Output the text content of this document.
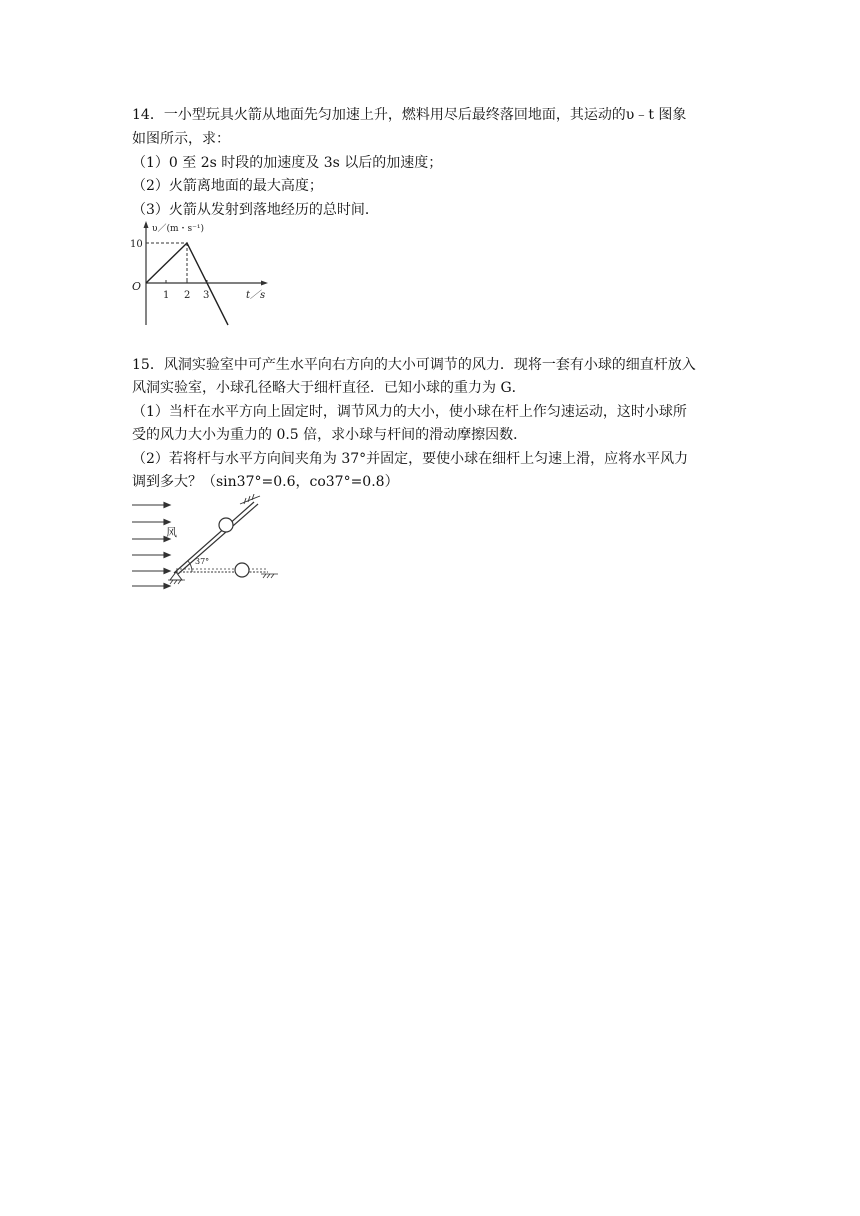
14．一小型玩具火箭从地面先匀加速上升，燃料用尽后最终落回地面，其运动的υ﹣t 图象
如图所示，求：
（1）0 至 2s 时段的加速度及 3s 以后的加速度；
（2）火箭离地面的最大高度；
（3）火箭从发射到落地经历的总时间．
υ／(m・s⁻¹)
t／s
O
10
1 2 3
15．风洞实验室中可产生水平向右方向的大小可调节的风力．现将一套有小球的细直杆放入
风洞实验室，小球孔径略大于细杆直径．已知小球的重力为 G．
（1）当杆在水平方向上固定时，调节风力的大小，使小球在杆上作匀速运动，这时小球所
受的风力大小为重力的 0.5 倍，求小球与杆间的滑动摩擦因数．
（2）若将杆与水平方向间夹角为 37°并固定，要使小球在细杆上匀速上滑，应将水平风力
调到多大？（sin37°=0.6，co37°=0.8）
风
37°
